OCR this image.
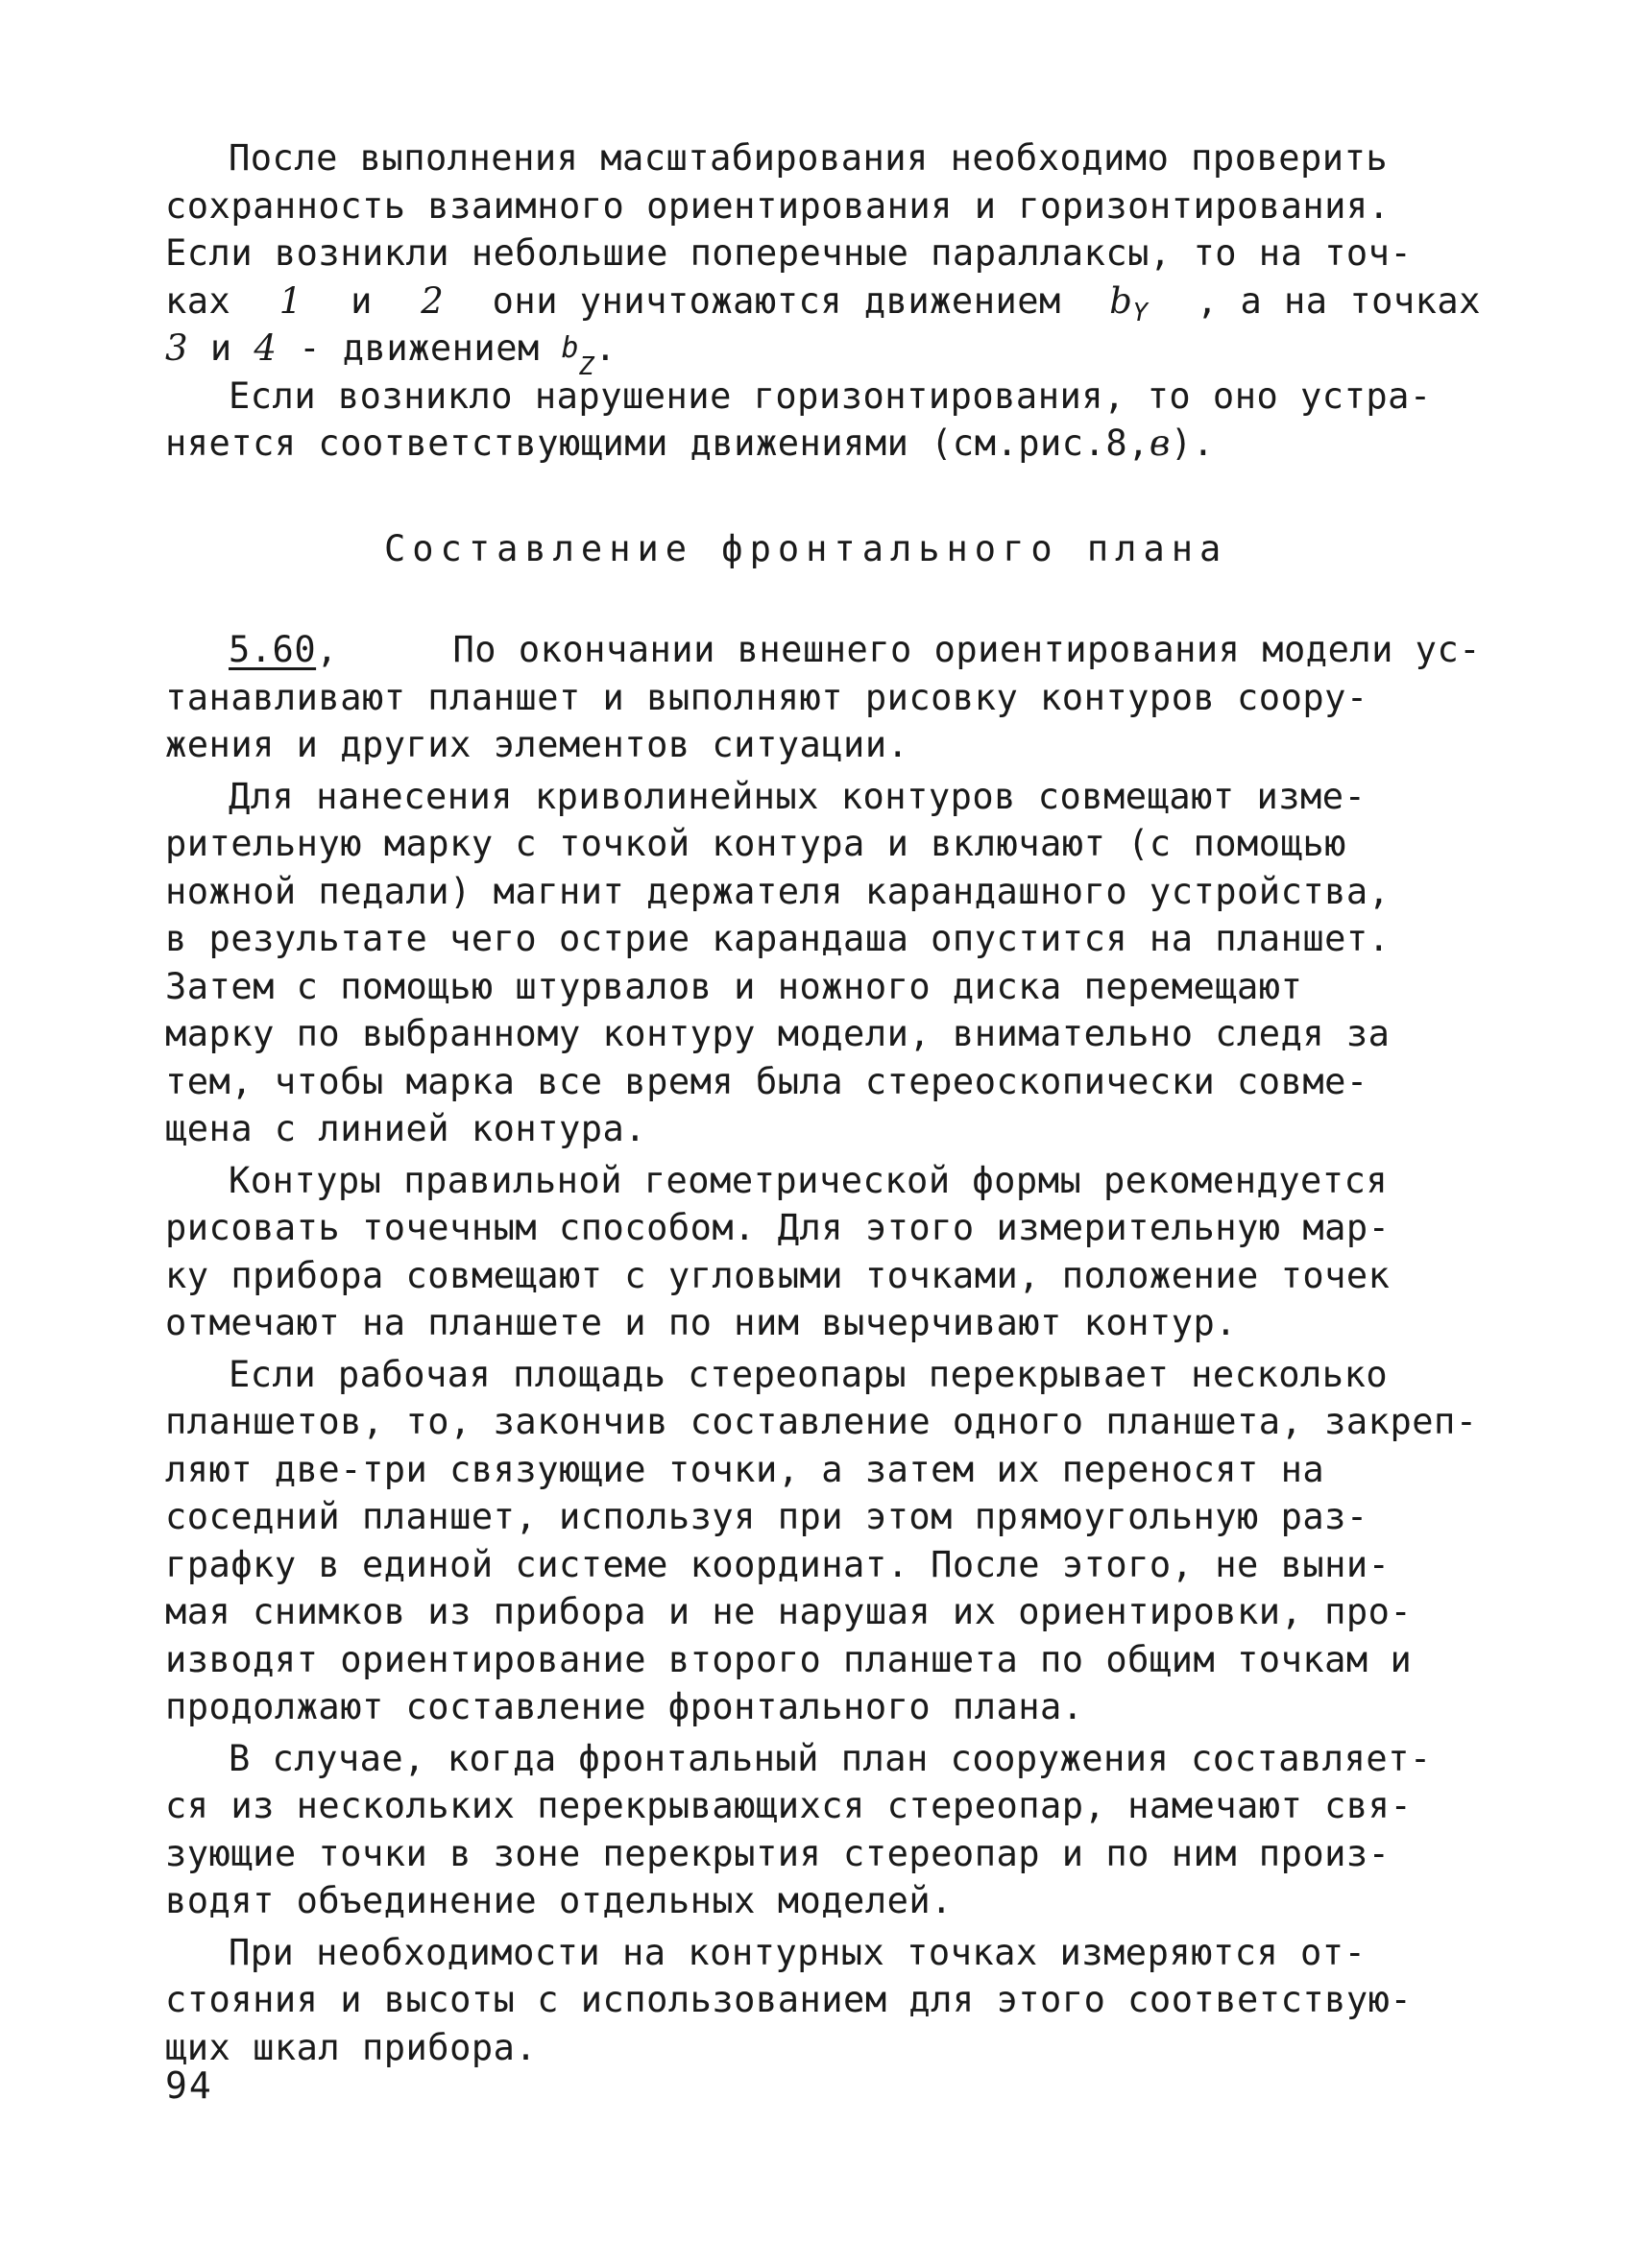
После выполнения масштабирования необходимо проверить
сохранность взаимного ориентирования и горизонтирования.
Если возникли небольшие поперечные параллаксы, то на точ-
ках 1 и 2 они уничтожаются движением $b_Y$ , а на точках
3
и
4
- движением
$^b_Z$ .
Если возникло нарушение горизонтирования, то оно устра-
няется соответствующими движениями (см.рис.8, в ).
Составление фронтального плана
5.60,	По окончании внешнего ориентирования модели ус-
танавливают планшет и выполняют рисовку контуров соору-
жения и других элементов ситуации.
Для нанесения криволинейных контуров совмещают изме-
рительную марку с точкой контура и включают (с помощью
ножной педали) магнит держателя карандашного устройства,
в результате чего острие карандаша опустится на планшет.
Затем с помощью штурвалов и ножного диска перемещают
марку по выбранному контуру модели, внимательно следя за
тем, чтобы марка все время была стереоскопически совме-
щена с линией контура.
Контуры правильной геометрической формы рекомендуется
рисовать точечным способом. Для этого измерительную мар-
ку прибора совмещают с угловыми точками, положение точек
отмечают на планшете и по ним вычерчивают контур.
Если рабочая площадь стереопары перекрывает несколько
планшетов, то, закончив составление одного планшета, закреп-
ляют две-три связующие точки, а затем их переносят на
соседний планшет, используя при этом прямоугольную раз-
графку в единой системе координат. После этого, не выни-
мая снимков из прибора и не нарушая их ориентировки, про-
изводят ориентирование второго планшета по общим точкам и
продолжают составление фронтального плана.
В случае, когда фронтальный план сооружения составляет-
ся из нескольких перекрывающихся стереопар, намечают свя-
зующие точки в зоне перекрытия стереопар и по ним произ-
водят объединение отдельных моделей.
При необходимости на контурных точках измеряются от-
стояния и высоты с использованием для этого соответствую-
щих шкал прибора.
94
